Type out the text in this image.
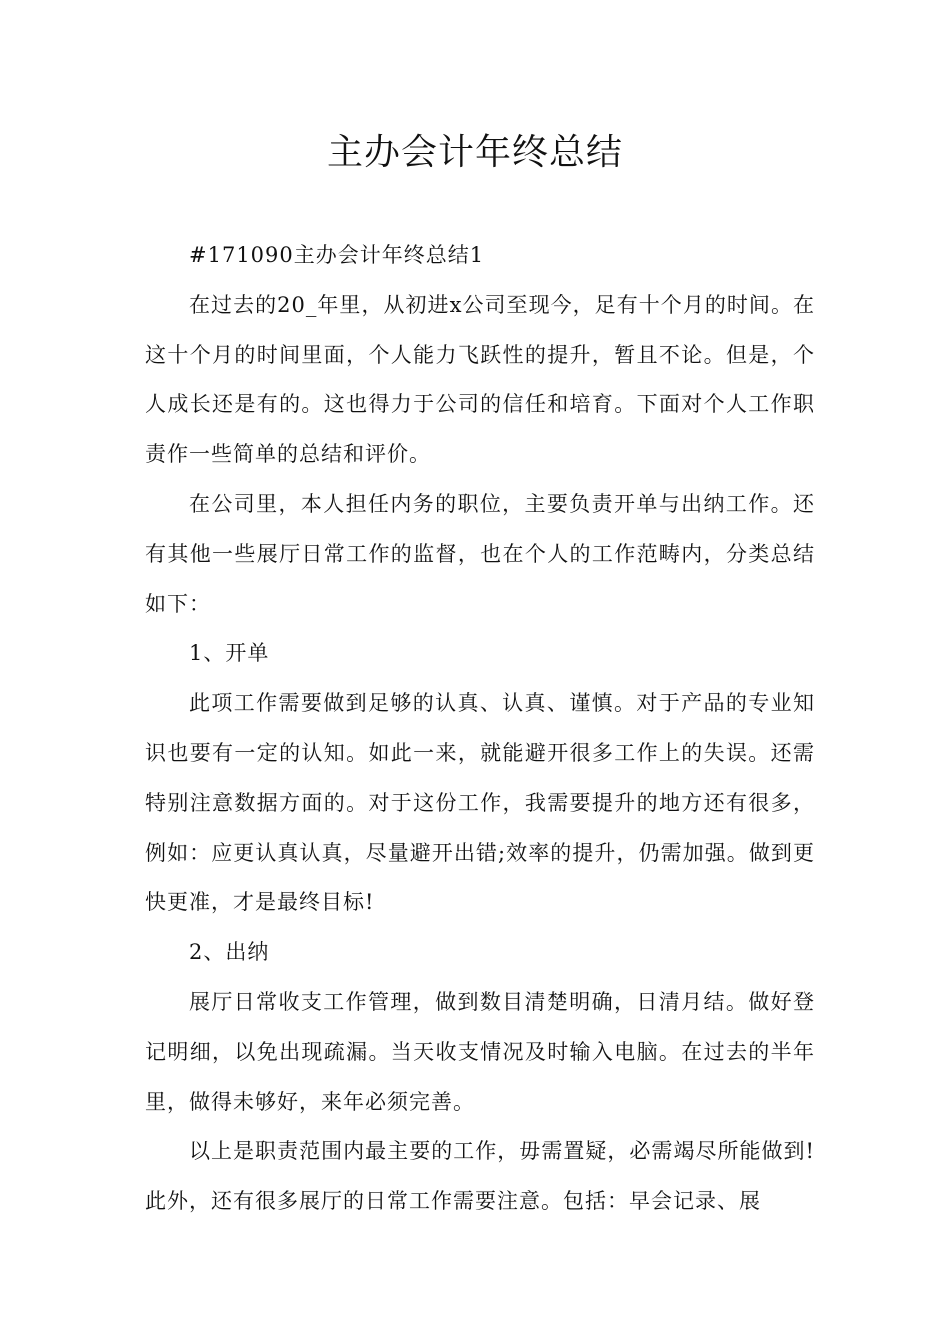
主办会计年终总结

#171090主办会计年终总结1

在过去的20_年里，从初进x公司至现今，足有十个月的时间。在这十个月的时间里面，个人能力飞跃性的提升，暂且不论。但是，个人成长还是有的。这也得力于公司的信任和培育。下面对个人工作职责作一些简单的总结和评价。

在公司里，本人担任内务的职位，主要负责开单与出纳工作。还有其他一些展厅日常工作的监督，也在个人的工作范畴内，分类总结如下：

1、开单

此项工作需要做到足够的认真、认真、谨慎。对于产品的专业知识也要有一定的认知。如此一来，就能避开很多工作上的失误。还需特别注意数据方面的。对于这份工作，我需要提升的地方还有很多，例如：应更认真认真，尽量避开出错;效率的提升，仍需加强。做到更快更准，才是最终目标!

2、出纳

展厅日常收支工作管理，做到数目清楚明确，日清月结。做好登记明细，以免出现疏漏。当天收支情况及时输入电脑。在过去的半年里，做得未够好，来年必须完善。

以上是职责范围内最主要的工作，毋需置疑，必需竭尽所能做到!此外，还有很多展厅的日常工作需要注意。包括：早会记录、展
